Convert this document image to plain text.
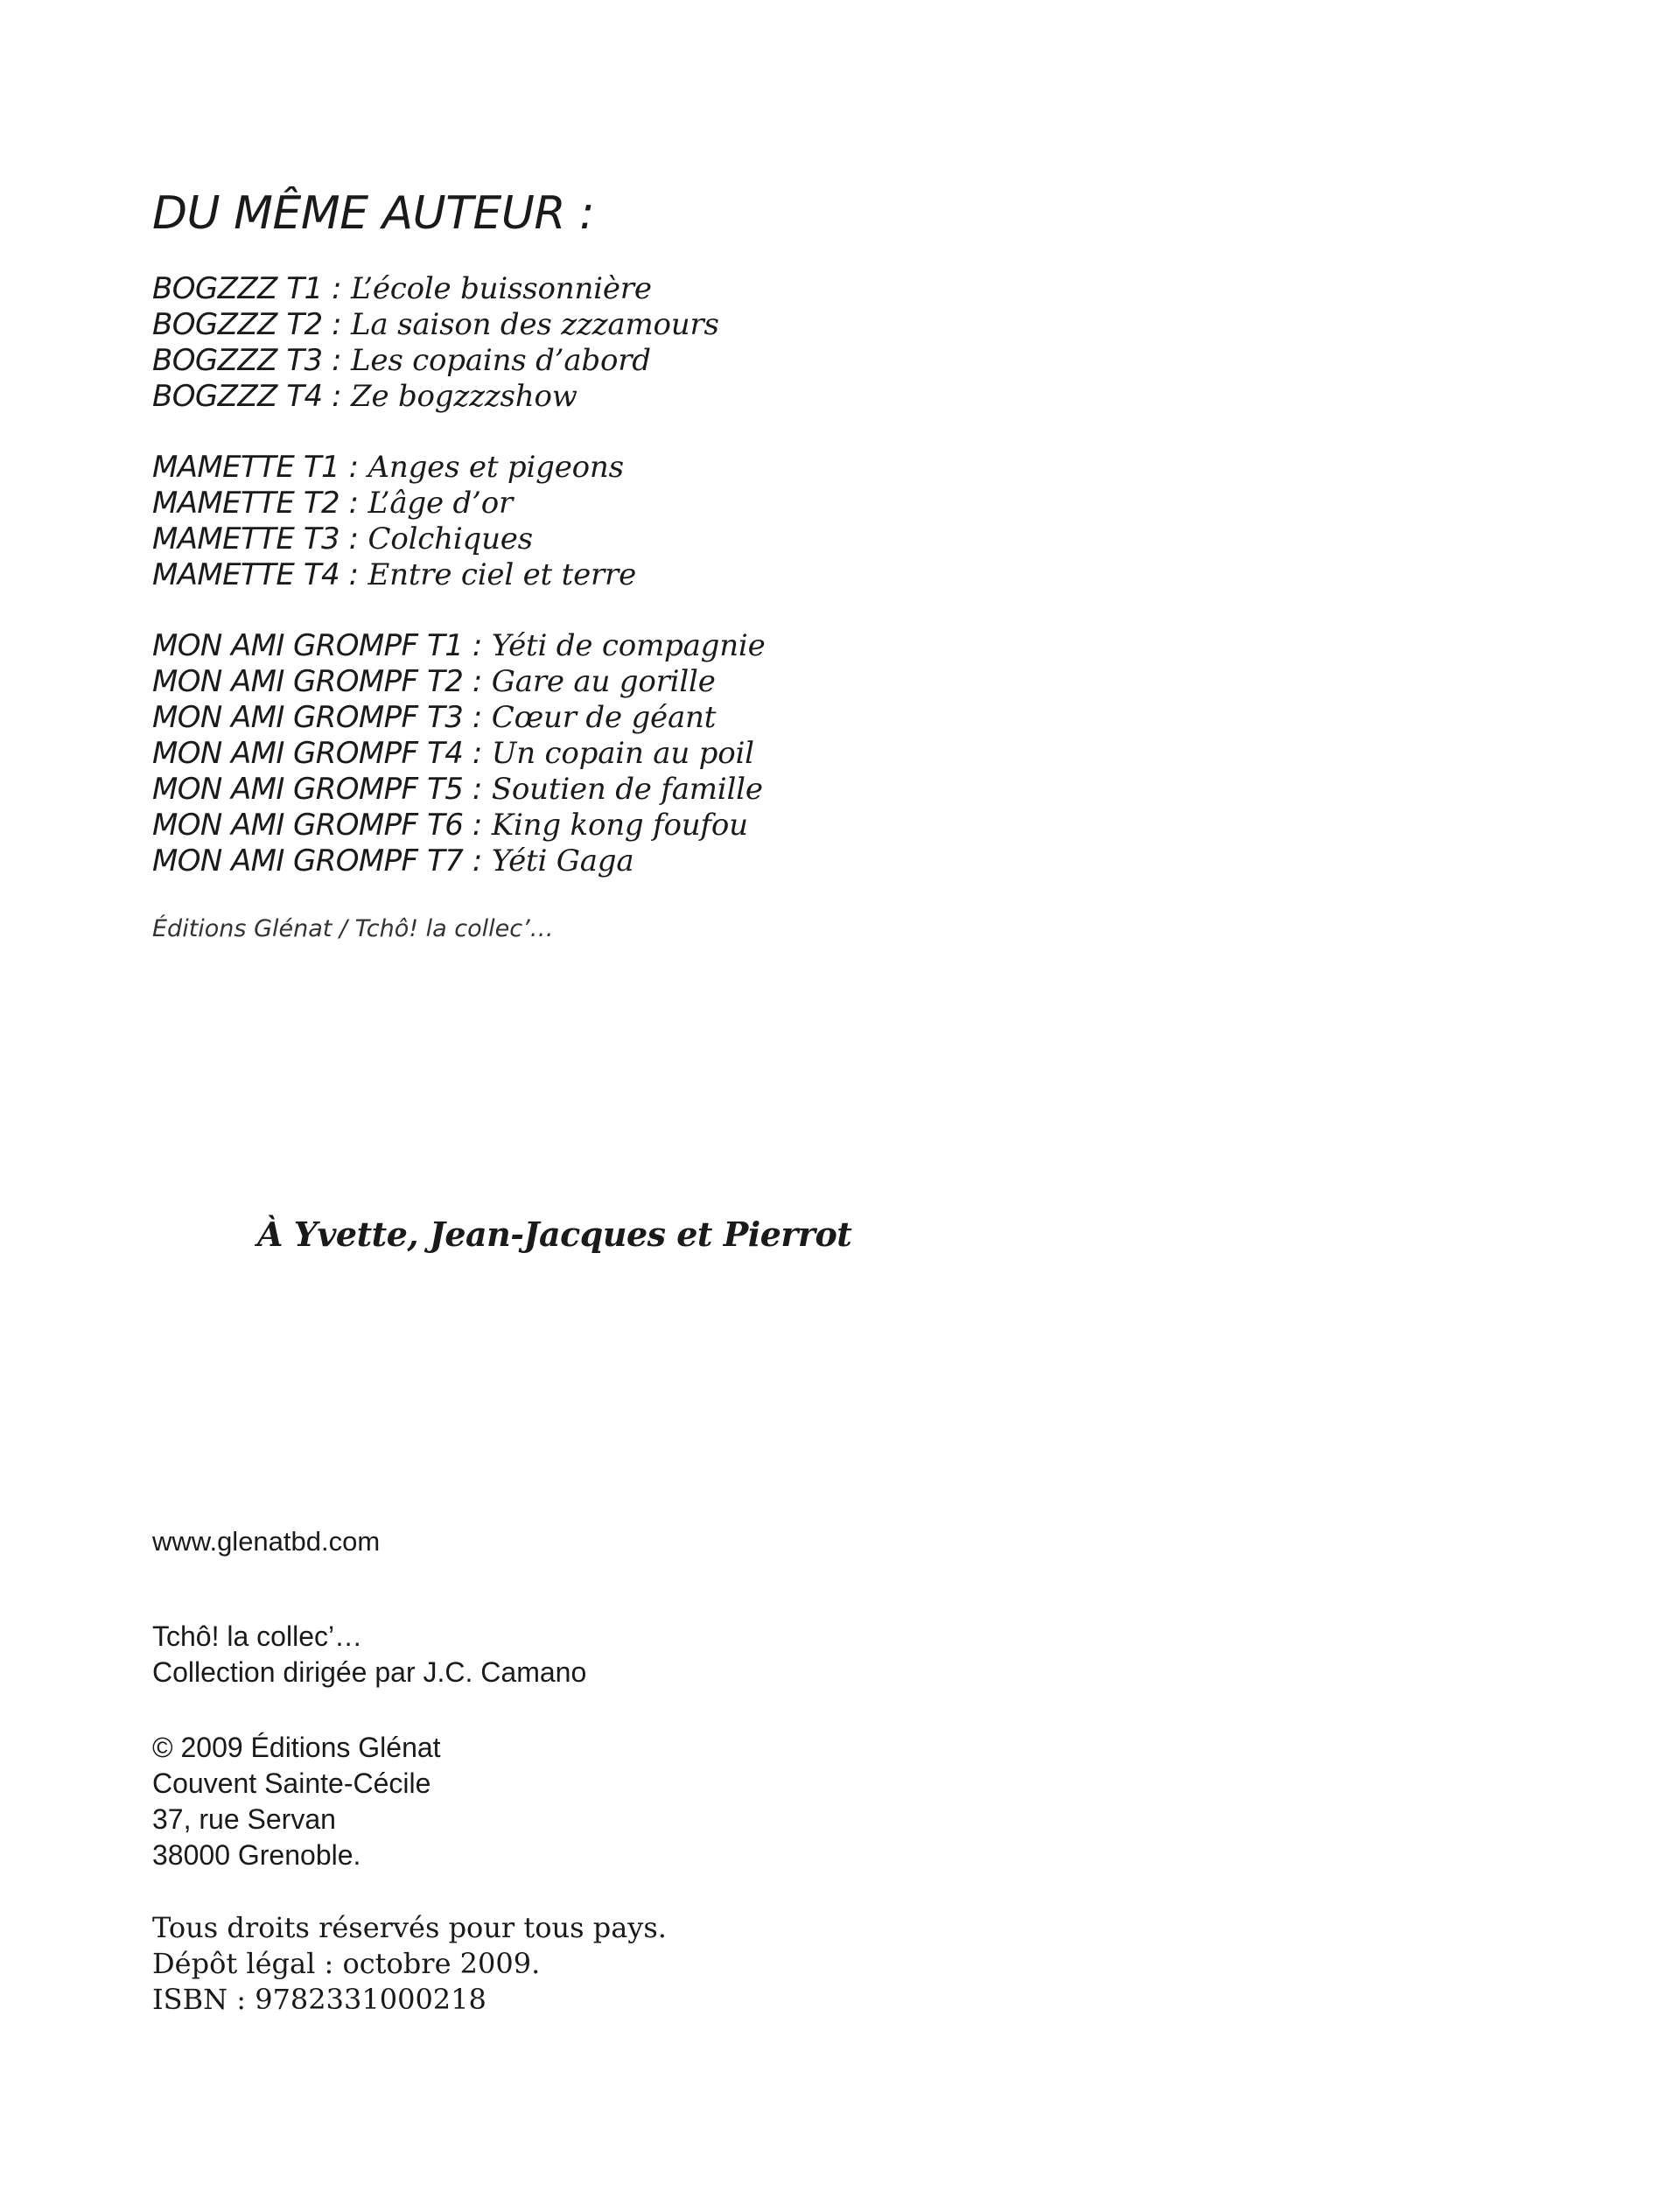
DU MÊME AUTEUR :
BOGZZZ T1 : L’école buissonnière
BOGZZZ T2 : La saison des zzzamours
BOGZZZ T3 : Les copains d’abord
BOGZZZ T4 : Ze bogzzzshow
MAMETTE T1 : Anges et pigeons
MAMETTE T2 : L’âge d’or
MAMETTE T3 : Colchiques
MAMETTE T4 : Entre ciel et terre
MON AMI GROMPF T1 : Yéti de compagnie
MON AMI GROMPF T2 : Gare au gorille
MON AMI GROMPF T3 : Cœur de géant
MON AMI GROMPF T4 : Un copain au poil
MON AMI GROMPF T5 : Soutien de famille
MON AMI GROMPF T6 : King kong foufou
MON AMI GROMPF T7 : Yéti Gaga
Éditions Glénat / Tchô! la collec’…
À Yvette, Jean-Jacques et Pierrot
www.glenatbd.com
Tchô! la collec’…
Collection dirigée par J.C. Camano
© 2009 Éditions Glénat
Couvent Sainte-Cécile
37, rue Servan
38000 Grenoble.
Tous droits réservés pour tous pays.
Dépôt légal : octobre 2009.
ISBN : 9782331000218
